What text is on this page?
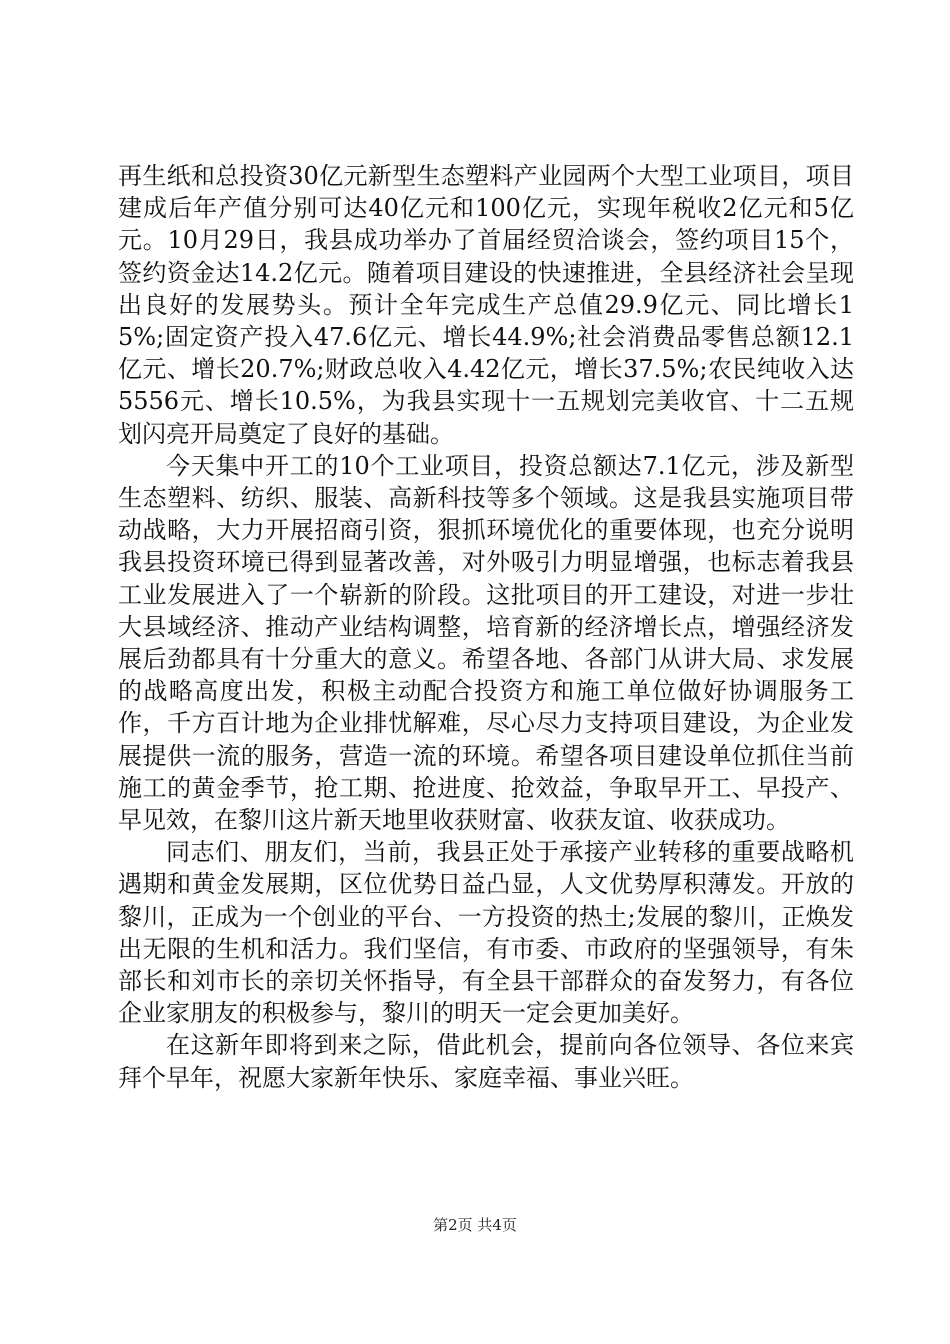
再生纸和总投资30亿元新型生态塑料产业园两个大型工业项目，项目建成后年产值分别可达40亿元和100亿元，实现年税收2亿元和5亿元。10月29日，我县成功举办了首届经贸洽谈会，签约项目15个，签约资金达14.2亿元。随着项目建设的快速推进，全县经济社会呈现出良好的发展势头。预计全年完成生产总值29.9亿元、同比增长15%;固定资产投入47.6亿元、增长44.9%;社会消费品零售总额12.1亿元、增长20.7%;财政总收入4.42亿元，增长37.5%;农民纯收入达5556元、增长10.5%，为我县实现十一五规划完美收官、十二五规划闪亮开局奠定了良好的基础。

今天集中开工的10个工业项目，投资总额达7.1亿元，涉及新型生态塑料、纺织、服装、高新科技等多个领域。这是我县实施项目带动战略，大力开展招商引资，狠抓环境优化的重要体现，也充分说明我县投资环境已得到显著改善，对外吸引力明显增强，也标志着我县工业发展进入了一个崭新的阶段。这批项目的开工建设，对进一步壮大县域经济、推动产业结构调整，培育新的经济增长点，增强经济发展后劲都具有十分重大的意义。希望各地、各部门从讲大局、求发展的战略高度出发，积极主动配合投资方和施工单位做好协调服务工作，千方百计地为企业排忧解难，尽心尽力支持项目建设，为企业发展提供一流的服务，营造一流的环境。希望各项目建设单位抓住当前施工的黄金季节，抢工期、抢进度、抢效益，争取早开工、早投产、早见效，在黎川这片新天地里收获财富、收获友谊、收获成功。

同志们、朋友们，当前，我县正处于承接产业转移的重要战略机遇期和黄金发展期，区位优势日益凸显，人文优势厚积薄发。开放的黎川，正成为一个创业的平台、一方投资的热土;发展的黎川，正焕发出无限的生机和活力。我们坚信，有市委、市政府的坚强领导，有朱部长和刘市长的亲切关怀指导，有全县干部群众的奋发努力，有各位企业家朋友的积极参与，黎川的明天一定会更加美好。

在这新年即将到来之际，借此机会，提前向各位领导、各位来宾拜个早年，祝愿大家新年快乐、家庭幸福、事业兴旺。

第2页 共4页
